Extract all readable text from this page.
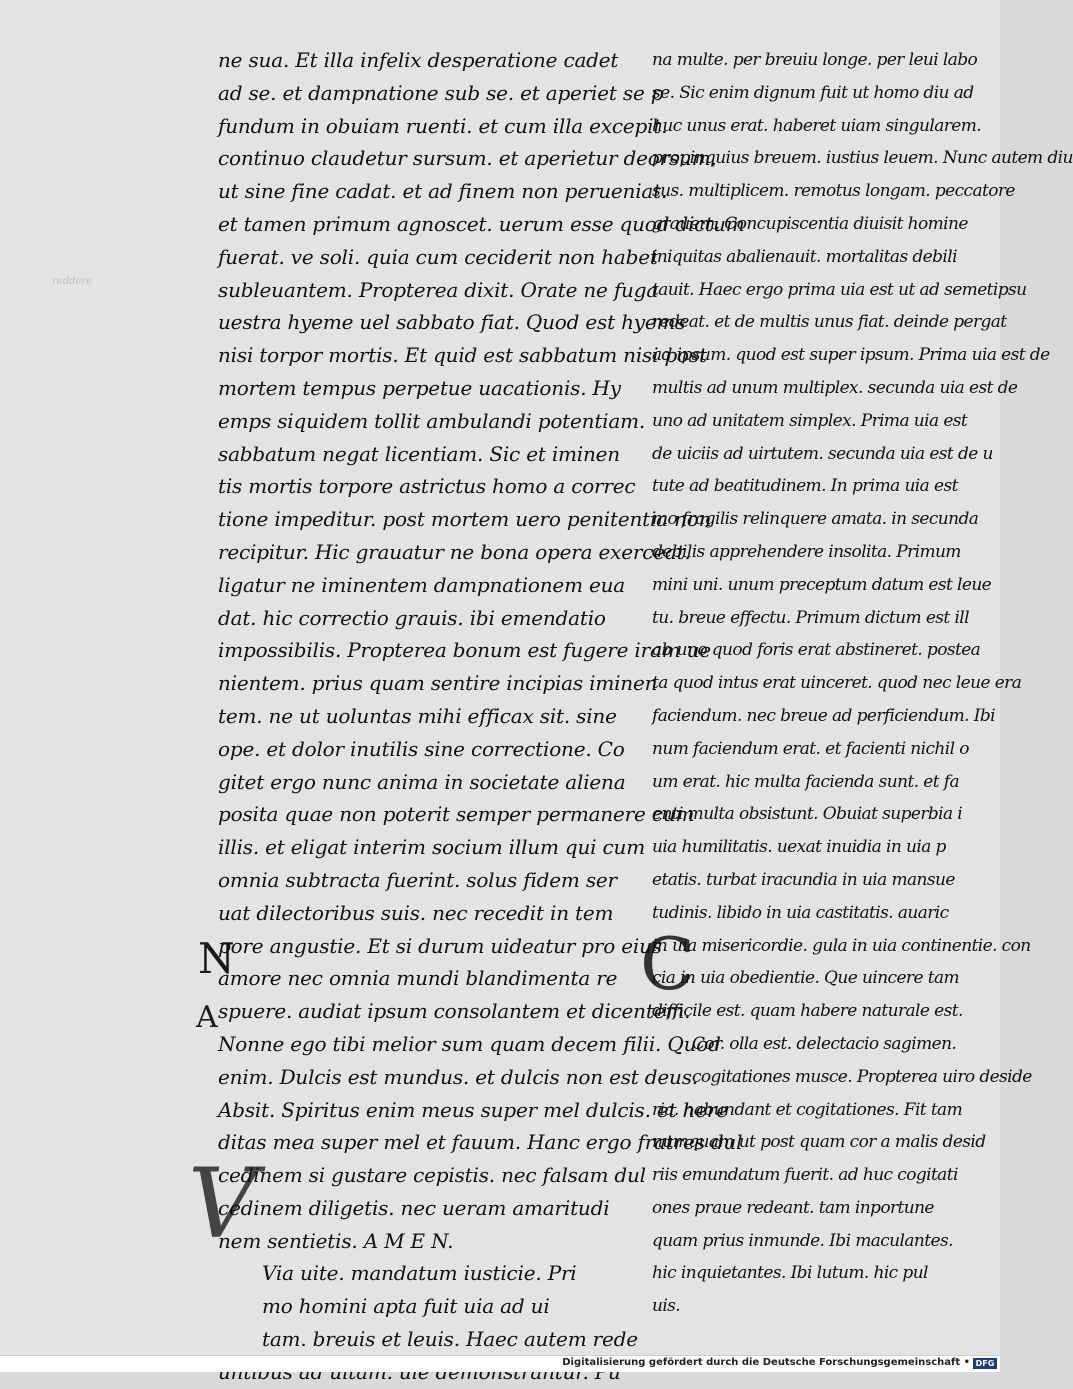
reddere
N
A
V
C
ne sua. Et illa infelix desperatione cadet
ad se. et dampnatione sub se. et aperiet se p
fundum in obuiam ruenti. et cum illa excepit.
continuo claudetur sursum. et aperietur deorsum.
ut sine fine cadat. et ad finem non perueniat.
et tamen primum agnoscet. uerum esse quod dictum
fuerat. ve soli. quia cum ceciderit non habet
subleuantem. Propterea dixit. Orate ne fuga
uestra hyeme uel sabbato fiat. Quod est hyems
nisi torpor mortis. Et quid est sabbatum nisi post
mortem tempus perpetue uacationis. Hy
emps siquidem tollit ambulandi potentiam.
sabbatum negat licentiam. Sic et iminen
tis mortis torpore astrictus homo a correc
tione impeditur. post mortem uero penitentia non
recipitur. Hic grauatur ne bona opera exerceat.
ligatur ne iminentem dampnationem eua
dat. hic correctio grauis. ibi emendatio
impossibilis. Propterea bonum est fugere iram ue
nientem. prius quam sentire incipias iminen
tem. ne ut uoluntas mihi efficax sit. sine
ope. et dolor inutilis sine correctione. Co
gitet ergo nunc anima in societate aliena
posita quae non poterit semper permanere cum
illis. et eligat interim socium illum qui cum
omnia subtracta fuerint. solus fidem ser
uat dilectoribus suis. nec recedit in tem
pore angustie. Et si durum uideatur pro eius
amore nec omnia mundi blandimenta re
spuere. audiat ipsum consolantem et dicentem.
Nonne ego tibi melior sum quam decem filii. Quod
enim. Dulcis est mundus. et dulcis non est deus.
Absit. Spiritus enim meus super mel dulcis. et here
ditas mea super mel et fauum. Hanc ergo fratres dul
cedinem si gustare cepistis. nec falsam dul
cedinem diligetis. nec ueram amaritudi
nem sentietis. A M E N.
Via uite. mandatum iusticie. Pri
mo homini apta fuit uia ad ui
tam. breuis et leuis. Haec autem rede
na multe. per breuiu longe. per leui labo
se. Sic enim dignum fuit ut homo diu ad
huc unus erat. haberet uiam singularem.
propinquius breuem. iustius leuem. Nunc autem diu
sus. multiplicem. remotus longam. peccatore
grauem. Concupiscentia diuisit homine
iniquitas abalienauit. mortalitas debili
tauit. Haec ergo prima uia est ut ad semetipsu
redeat. et de multis unus fiat. deinde pergat
ad ipsum. quod est super ipsum. Prima uia est de
multis ad unum multiplex. secunda uia est de
uno ad unitatem simplex. Prima uia est
de uiciis ad uirtutem. secunda uia est de u
tute ad beatitudinem. In prima uia est
mo fragilis relinquere amata. in secunda
debilis apprehendere insolita. Primum
mini uni. unum preceptum datum est leue
tu. breue effectu. Primum dictum est ill
ab uno quod foris erat abstineret. postea
ta quod intus erat uinceret. quod nec leue era
faciendum. nec breue ad perficiendum. Ibi
num faciendum erat. et facienti nichil o
um erat. hic multa facienda sunt. et fa
enti multa obsistunt. Obuiat superbia i
uia humilitatis. uexat inuidia in uia p
etatis. turbat iracundia in uia mansue
tudinis. libido in uia castitatis. auaric
in uia misericordie. gula in uia continentie. con
cia in uia obedientie. Que uincere tam
difficile est. quam habere naturale est.
Cor. olla est. delectacio sagimen.
cogitationes musce. Propterea uiro deside
ria. habundant et cogitationes. Fit tam
numquam ut post quam cor a malis desid
riis emundatum fuerit. ad huc cogitati
ones praue redeant. tam inportune
quam prius inmunde. Ibi maculantes.
hic inquietantes. Ibi lutum. hic pul
uis.
Digitalisierung gefördert durch die Deutsche Forschungsgemeinschaft • DFG
